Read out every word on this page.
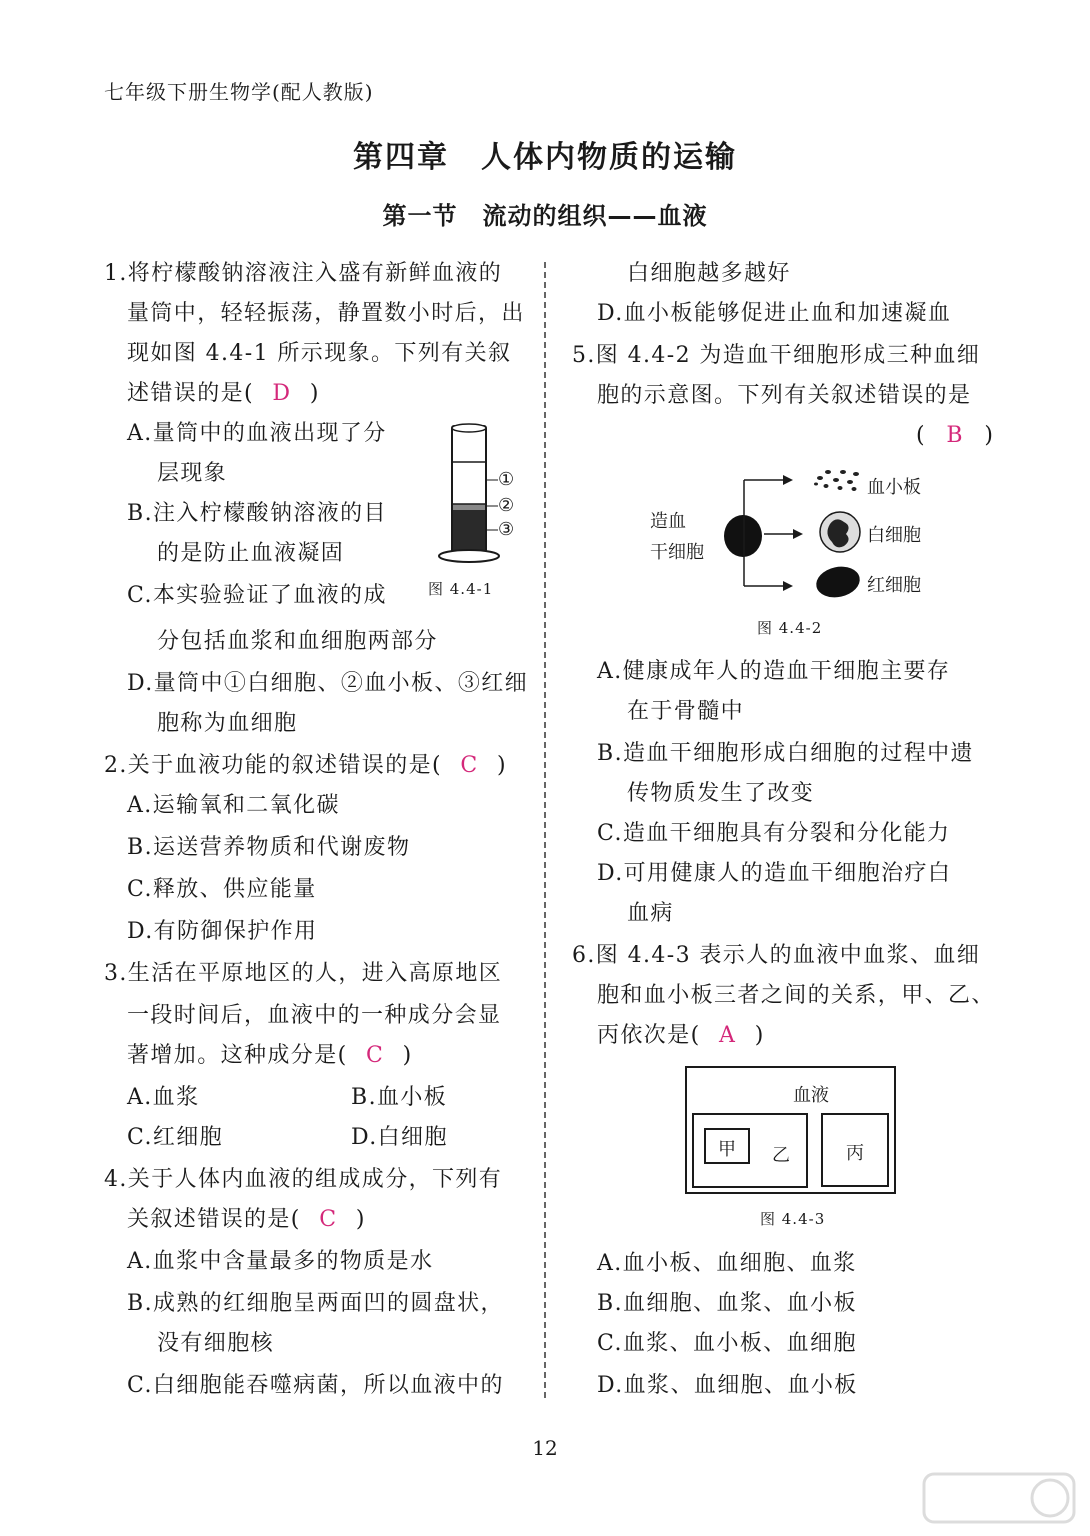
七年级下册生物学(配人教版)
第四章　人体内物质的运输
第一节　流动的组织——血液
1.将柠檬酸钠溶液注入盛有新鲜血液的
量筒中，轻轻振荡，静置数小时后，出
现如图 4.4-1 所示现象。下列有关叙
述错误的是( D )
A.量筒中的血液出现了分
层现象
B.注入柠檬酸钠溶液的目
的是防止血液凝固
C.本实验验证了血液的成
分包括血浆和血细胞两部分
D.量筒中①白细胞、②血小板、③红细
胞称为血细胞
①
②
③
图 4.4-1
2.关于血液功能的叙述错误的是( C )
A.运输氧和二氧化碳
B.运送营养物质和代谢废物
C.释放、供应能量
D.有防御保护作用
3.生活在平原地区的人，进入高原地区
一段时间后，血液中的一种成分会显
著增加。这种成分是( C )
A.血浆	B.血小板
C.红细胞	D.白细胞
4.关于人体内血液的组成成分，下列有
关叙述错误的是( C )
A.血浆中含量最多的物质是水
B.成熟的红细胞呈两面凹的圆盘状，
没有细胞核
C.白细胞能吞噬病菌，所以血液中的
白细胞越多越好
D.血小板能够促进止血和加速凝血
5.图 4.4-2 为造血干细胞形成三种血细
胞的示意图。下列有关叙述错误的是
( B )
造血
干细胞
血小板
白细胞
红细胞
图 4.4-2
A.健康成年人的造血干细胞主要存
在于骨髓中
B.造血干细胞形成白细胞的过程中遗
传物质发生了改变
C.造血干细胞具有分裂和分化能力
D.可用健康人的造血干细胞治疗白
血病
6.图 4.4-3 表示人的血液中血浆、血细
胞和血小板三者之间的关系，甲、乙、
丙依次是( A )
血液
甲 乙	丙
图 4.4-3
A.血小板、血细胞、血浆
B.血细胞、血浆、血小板
C.血浆、血小板、血细胞
D.血浆、血细胞、血小板
12
